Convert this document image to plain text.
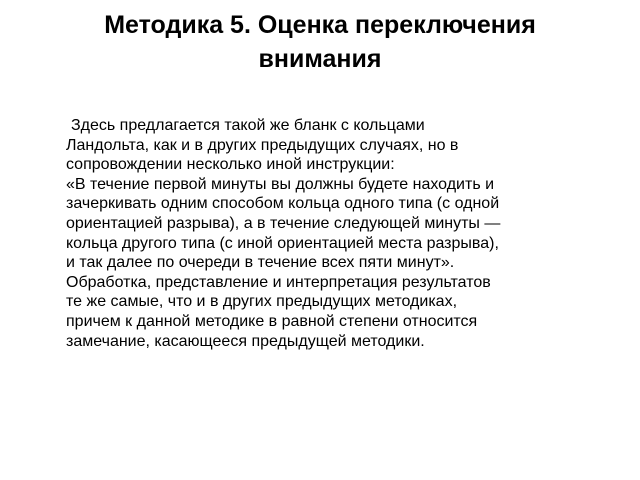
Методика 5. Оценка переключения
внимания

Здесь предлагается такой же бланк с кольцами
Ландольта, как и в других предыдущих случаях, но в
сопровождении несколько иной инструкции:

«В течение первой минуты вы должны будете находить и
зачеркивать одним способом кольца одного типа (с одной
ориентацией разрыва), а в течение следующей минуты —
кольца другого типа (с иной ориентацией места разрыва),
и так далее по очереди в течение всех пяти минут».

Обработка, представление и интерпретация результатов
те же самые, что и в других предыдущих методиках,
причем к данной методике в равной степени относится
замечание, касающееся предыдущей методики.
